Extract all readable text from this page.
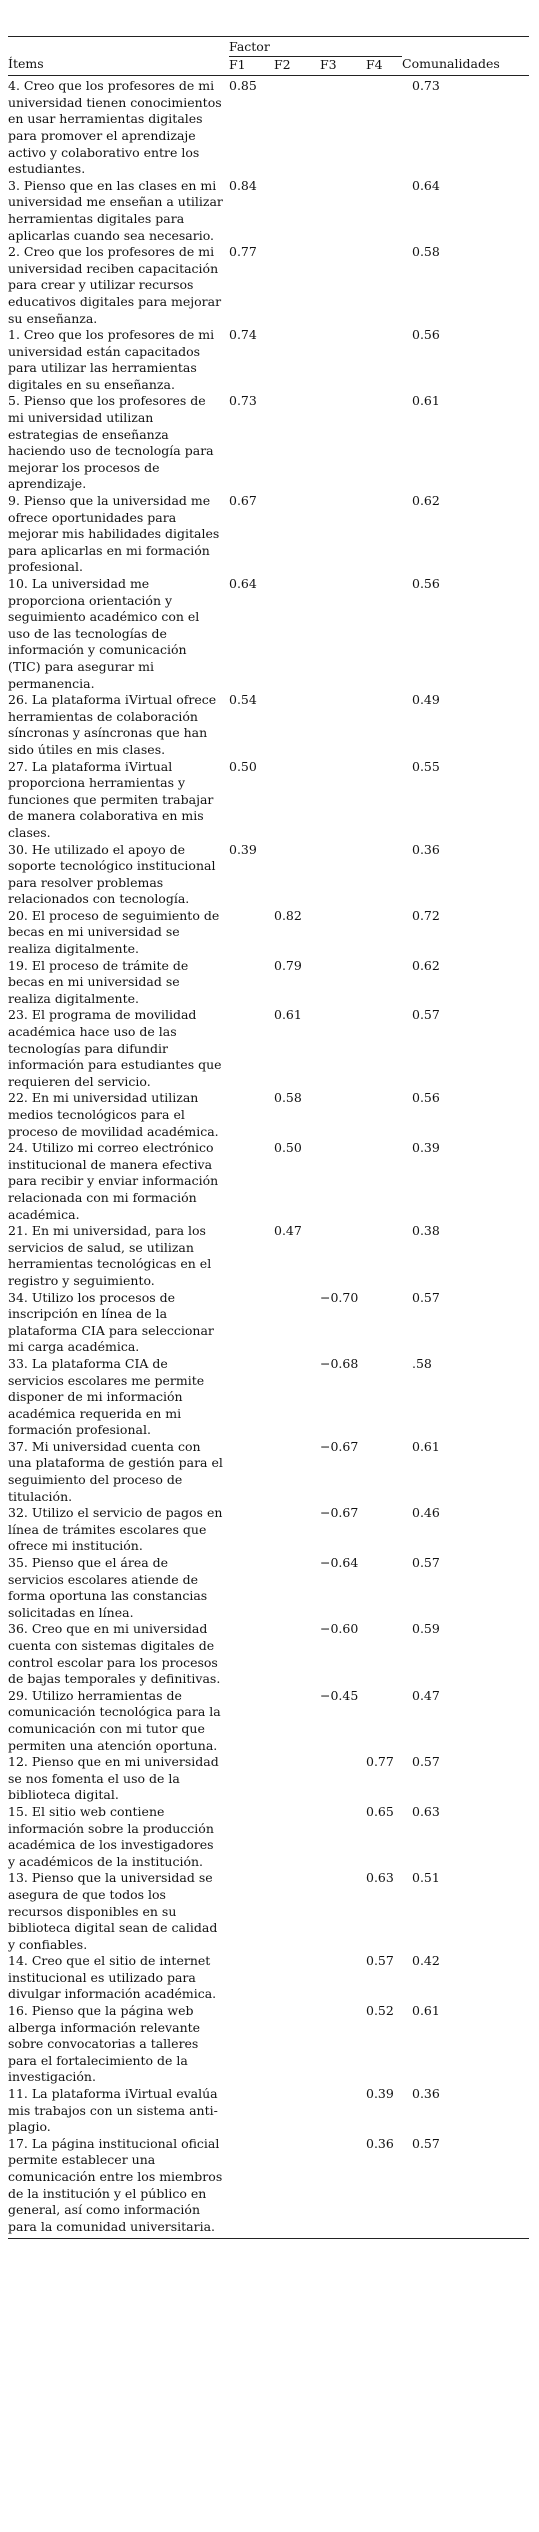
	Factor				
Ítems	F1	F2	F3	F4	Comunalidades
4. Creo que los profesores de mi universidad tienen conocimientos en usar herramientas digitales para promover el aprendizaje activo y colaborativo entre los estudiantes.	0.85				0.73
3. Pienso que en las clases en mi universidad me enseñan a utilizar herramientas digitales para aplicarlas cuando sea necesario.	0.84				0.64
2. Creo que los profesores de mi universidad reciben capacitación para crear y utilizar recursos educativos digitales para mejorar su enseñanza.	0.77				0.58
1. Creo que los profesores de mi universidad están capacitados para utilizar las herramientas digitales en su enseñanza.	0.74				0.56
5. Pienso que los profesores de mi universidad utilizan estrategias de enseñanza haciendo uso de tecnología para mejorar los procesos de aprendizaje.	0.73				0.61
9. Pienso que la universidad me ofrece oportunidades para mejorar mis habilidades digitales para aplicarlas en mi formación profesional.	0.67				0.62
10. La universidad me proporciona orientación y seguimiento académico con el uso de las tecnologías de información y comunicación (TIC) para asegurar mi permanencia.	0.64				0.56
26. La plataforma iVirtual ofrece herramientas de colaboración síncronas y asíncronas que han sido útiles en mis clases.	0.54				0.49
27. La plataforma iVirtual proporciona herramientas y funciones que permiten trabajar de manera colaborativa en mis clases.	0.50				0.55
30. He utilizado el apoyo de soporte tecnológico institucional para resolver problemas relacionados con tecnología.	0.39				0.36
20. El proceso de seguimiento de becas en mi universidad se realiza digitalmente.		0.82			0.72
19. El proceso de trámite de becas en mi universidad se realiza digitalmente.		0.79			0.62
23. El programa de movilidad académica hace uso de las tecnologías para difundir información para estudiantes que requieren del servicio.		0.61			0.57
22. En mi universidad utilizan medios tecnológicos para el proceso de movilidad académica.		0.58			0.56
24. Utilizo mi correo electrónico institucional de manera efectiva para recibir y enviar información relacionada con mi formación académica.		0.50			0.39
21. En mi universidad, para los servicios de salud, se utilizan herramientas tecnológicas en el registro y seguimiento.		0.47			0.38
34. Utilizo los procesos de inscripción en línea de la plataforma CIA para seleccionar mi carga académica.			−0.70		0.57
33. La plataforma CIA de servicios escolares me permite disponer de mi información académica requerida en mi formación profesional.			−0.68		.58
37. Mi universidad cuenta con una plataforma de gestión para el seguimiento del proceso de titulación.			−0.67		0.61
32. Utilizo el servicio de pagos en línea de trámites escolares que ofrece mi institución.			−0.67		0.46
35. Pienso que el área de servicios escolares atiende de forma oportuna las constancias solicitadas en línea.			−0.64		0.57
36. Creo que en mi universidad cuenta con sistemas digitales de control escolar para los procesos de bajas temporales y definitivas.			−0.60		0.59
29. Utilizo herramientas de comunicación tecnológica para la comunicación con mi tutor que permiten una atención oportuna.			−0.45		0.47
12. Pienso que en mi universidad se nos fomenta el uso de la biblioteca digital.				0.77	0.57
15. El sitio web contiene información sobre la producción académica de los investigadores y académicos de la institución.				0.65	0.63
13. Pienso que la universidad se asegura de que todos los recursos disponibles en su biblioteca digital sean de calidad y confiables.				0.63	0.51
14. Creo que el sitio de internet institucional es utilizado para divulgar información académica.				0.57	0.42
16. Pienso que la página web alberga información relevante sobre convocatorias a talleres para el fortalecimiento de la investigación.				0.52	0.61
11. La plataforma iVirtual evalúa mis trabajos con un sistema anti-plagio.				0.39	0.36
17. La página institucional oficial permite establecer una comunicación entre los miembros de la institución y el público en general, así como información para la comunidad universitaria.				0.36	0.57
